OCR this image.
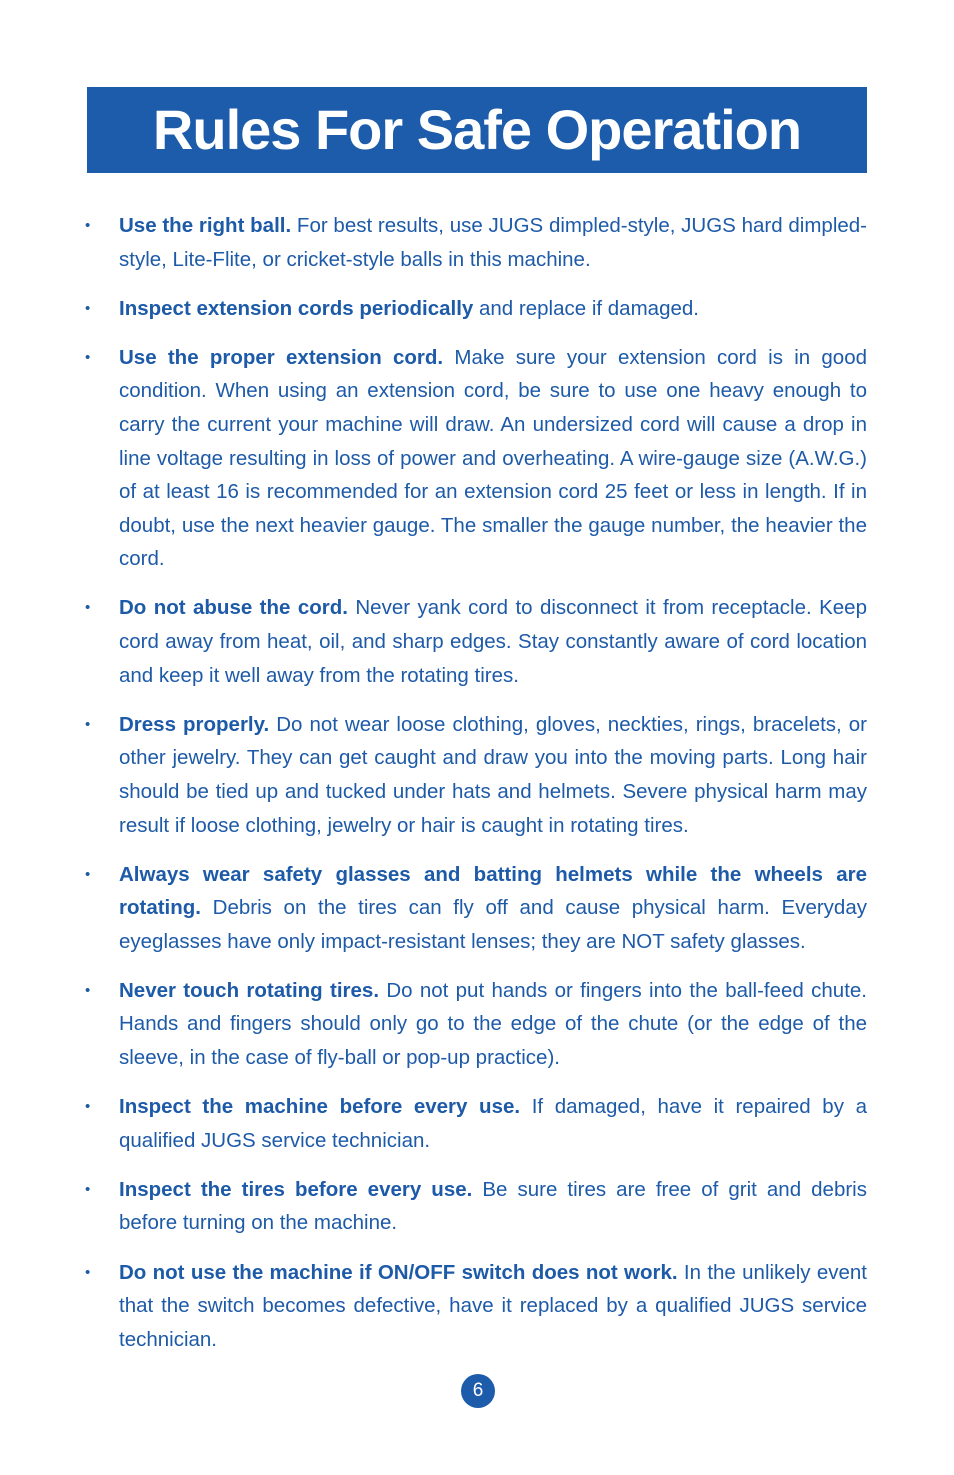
Rules For Safe Operation
• Use the right ball. For best results, use JUGS dimpled-style, JUGS hard dimpled-style, Lite-Flite, or cricket-style balls in this machine.
• Inspect extension cords periodically and replace if damaged.
• Use the proper extension cord. Make sure your extension cord is in good condition. When using an extension cord, be sure to use one heavy enough to carry the current your machine will draw. An undersized cord will cause a drop in line voltage resulting in loss of power and overheating. A wire-gauge size (A.W.G.) of at least 16 is recommended for an extension cord 25 feet or less in length. If in doubt, use the next heavier gauge. The smaller the gauge number, the heavier the cord.
• Do not abuse the cord. Never yank cord to disconnect it from receptacle. Keep cord away from heat, oil, and sharp edges. Stay constantly aware of cord location and keep it well away from the rotating tires.
• Dress properly. Do not wear loose clothing, gloves, neckties, rings, bracelets, or other jewelry. They can get caught and draw you into the moving parts. Long hair should be tied up and tucked under hats and helmets. Severe physical harm may result if loose clothing, jewelry or hair is caught in rotating tires.
• Always wear safety glasses and batting helmets while the wheels are rotating. Debris on the tires can fly off and cause physical harm. Everyday eyeglasses have only impact-resistant lenses; they are NOT safety glasses.
• Never touch rotating tires. Do not put hands or fingers into the ball-feed chute. Hands and fingers should only go to the edge of the chute (or the edge of the sleeve, in the case of fly-ball or pop-up practice).
• Inspect the machine before every use. If damaged, have it repaired by a qualified JUGS service technician.
• Inspect the tires before every use. Be sure tires are free of grit and debris before turning on the machine.
• Do not use the machine if ON/OFF switch does not work. In the unlikely event that the switch becomes defective, have it replaced by a qualified JUGS service technician.
6
